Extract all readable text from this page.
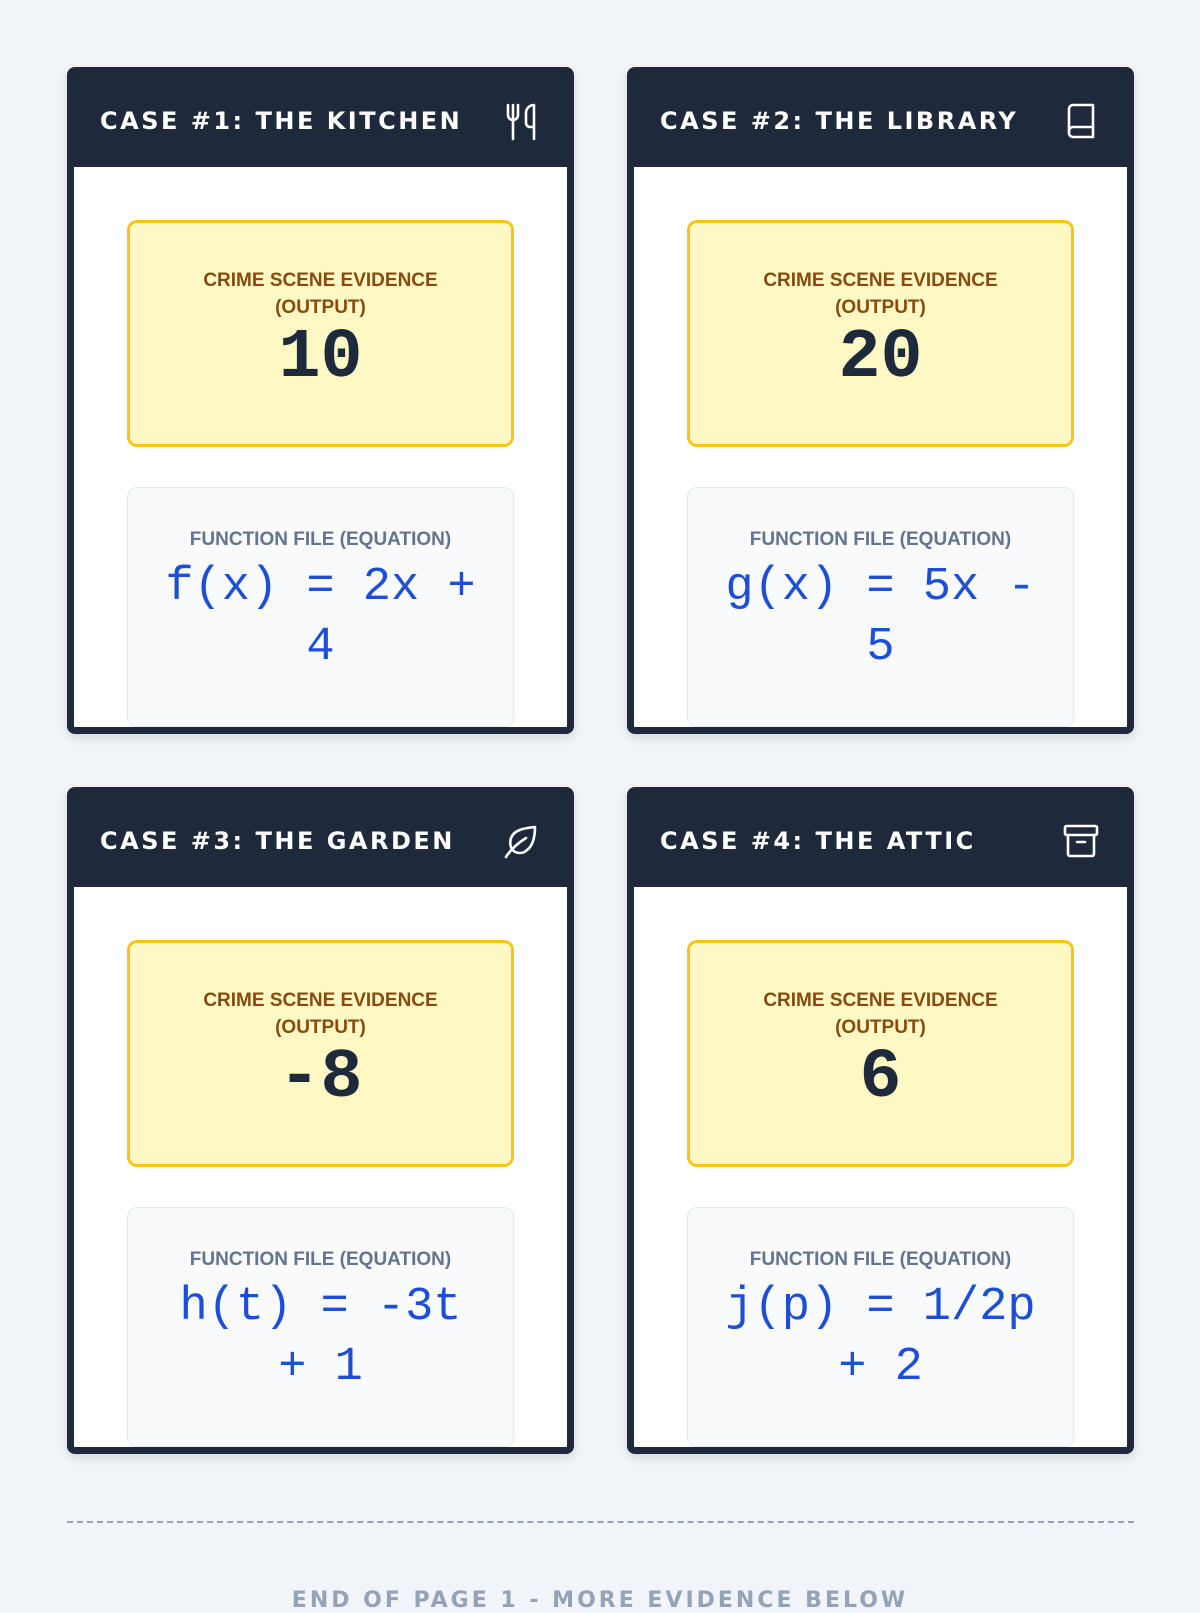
CASE #1: THE KITCHEN
CRIME SCENE EVIDENCE (OUTPUT)
10
FUNCTION FILE (EQUATION)
f(x) = 2x + 4
CASE #2: THE LIBRARY
CRIME SCENE EVIDENCE (OUTPUT)
20
FUNCTION FILE (EQUATION)
g(x) = 5x - 5
CASE #3: THE GARDEN
CRIME SCENE EVIDENCE (OUTPUT)
-8
FUNCTION FILE (EQUATION)
h(t) = -3t + 1
CASE #4: THE ATTIC
CRIME SCENE EVIDENCE (OUTPUT)
6
FUNCTION FILE (EQUATION)
j(p) = 1/2p + 2
END OF PAGE 1 - MORE EVIDENCE BELOW
